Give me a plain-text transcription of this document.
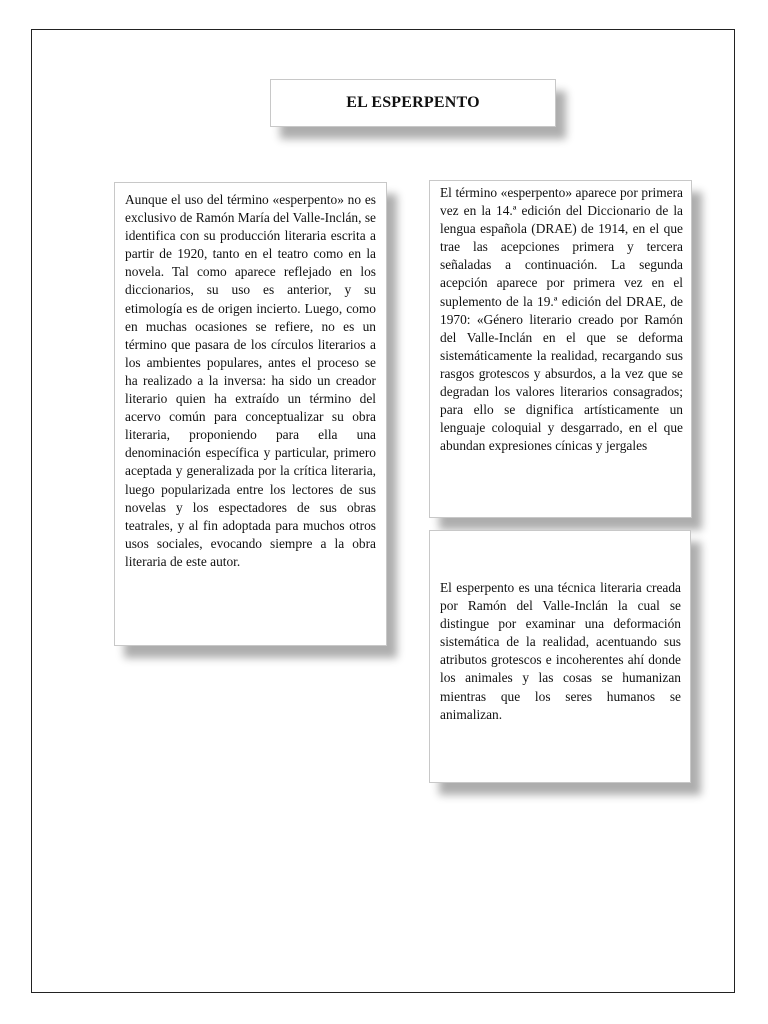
EL ESPERPENTO

Aunque el uso del término «esperpento» no es exclusivo de Ramón María del Valle-Inclán, se identifica con su producción literaria escrita a partir de 1920, tanto en el teatro como en la novela. Tal como aparece reflejado en los diccionarios, su uso es anterior, y su etimología es de origen incierto. Luego, como en muchas ocasiones se refiere, no es un término que pasara de los círculos literarios a los ambientes populares, antes el proceso se ha realizado a la inversa: ha sido un creador literario quien ha extraído un término del acervo común para conceptualizar su obra literaria, proponiendo para ella una denominación específica y particular, primero aceptada y generalizada por la crítica literaria, luego popularizada entre los lectores de sus novelas y los espectadores de sus obras teatrales, y al fin adoptada para muchos otros usos sociales, evocando siempre a la obra literaria de este autor.

El término «esperpento» aparece por primera vez en la 14.ª edición del Diccionario de la lengua española (DRAE) de 1914, en el que trae las acepciones primera y tercera señaladas a continuación. La segunda acepción aparece por primera vez en el suplemento de la 19.ª edición del DRAE, de 1970: «Género literario creado por Ramón del Valle-Inclán en el que se deforma sistemáticamente la realidad, recargando sus rasgos grotescos y absurdos, a la vez que se degradan los valores literarios consagrados; para ello se dignifica artísticamente un lenguaje coloquial y desgarrado, en el que abundan expresiones cínicas y jergales

El esperpento es una técnica literaria creada por Ramón del Valle-Inclán la cual se distingue por examinar una deformación sistemática de la realidad, acentuando sus atributos grotescos e incoherentes ahí donde los animales y las cosas se humanizan mientras que los seres humanos se animalizan.
